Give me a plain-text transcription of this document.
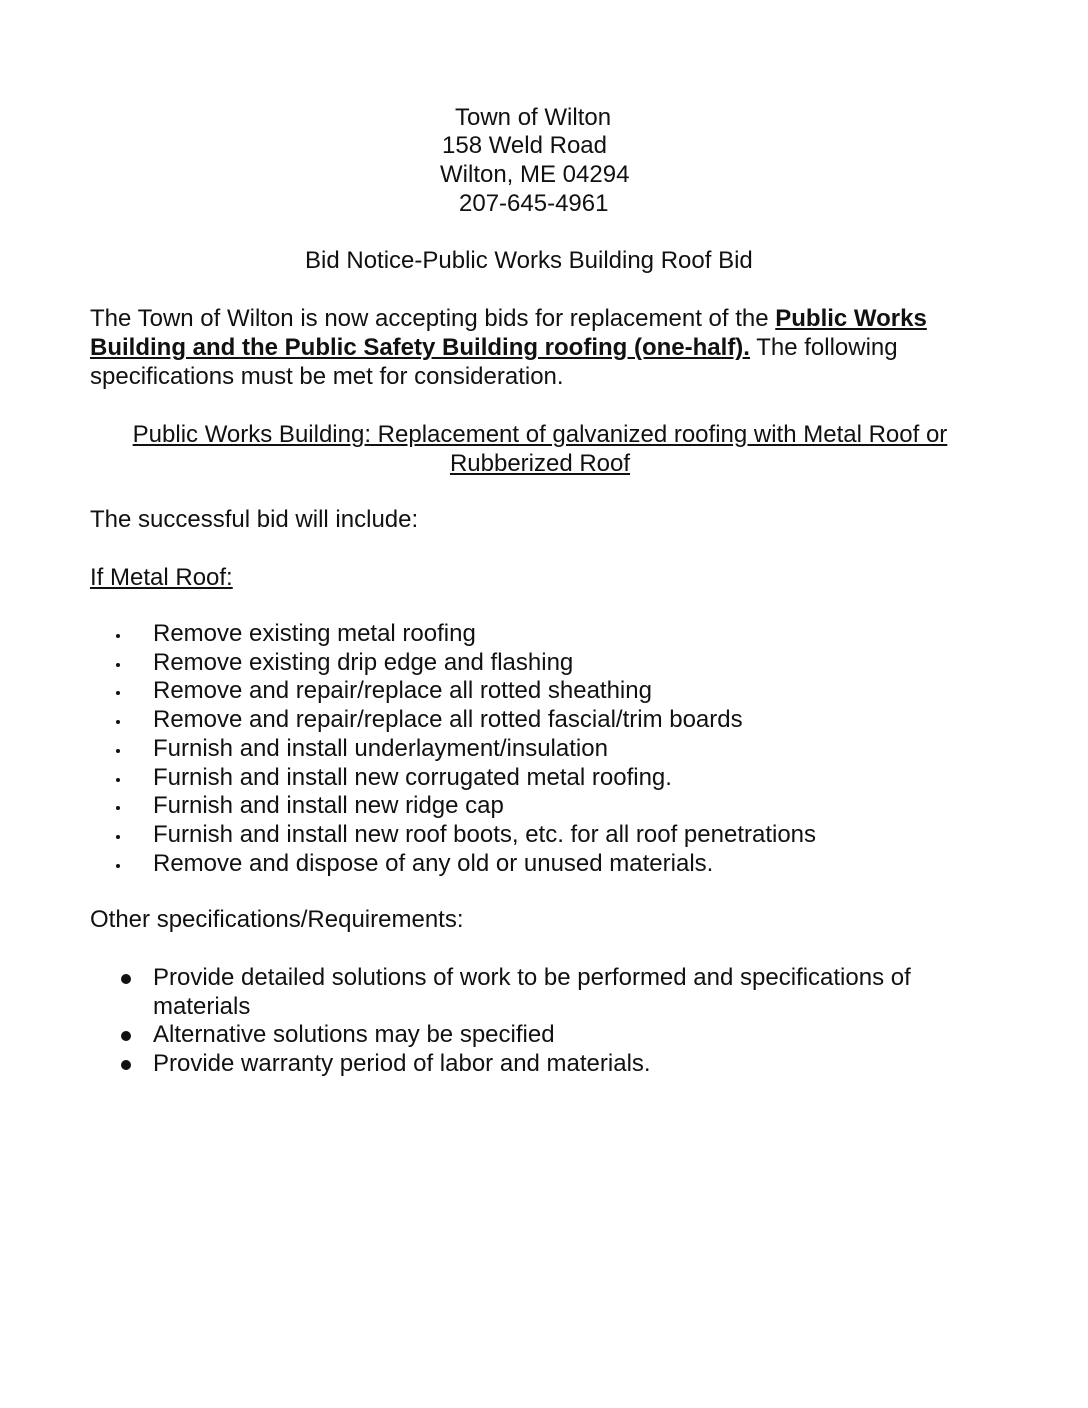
Town of Wilton
158 Weld Road
Wilton, ME 04294
207-645-4961
Bid Notice-Public Works Building Roof Bid
The Town of Wilton is now accepting bids for replacement of the Public Works Building and the Public Safety Building roofing (one-half). The following specifications must be met for consideration.
Public Works Building: Replacement of galvanized roofing with Metal Roof or Rubberized Roof
The successful bid will include:
If Metal Roof:
Remove existing metal roofing
Remove existing drip edge and flashing
Remove and repair/replace all rotted sheathing
Remove and repair/replace all rotted fascial/trim boards
Furnish and install underlayment/insulation
Furnish and install new corrugated metal roofing.
Furnish and install new ridge cap
Furnish and install new roof boots, etc. for all roof penetrations
Remove and dispose of any old or unused materials.
Other specifications/Requirements:
Provide detailed solutions of work to be performed and specifications of materials
Alternative solutions may be specified
Provide warranty period of labor and materials.
